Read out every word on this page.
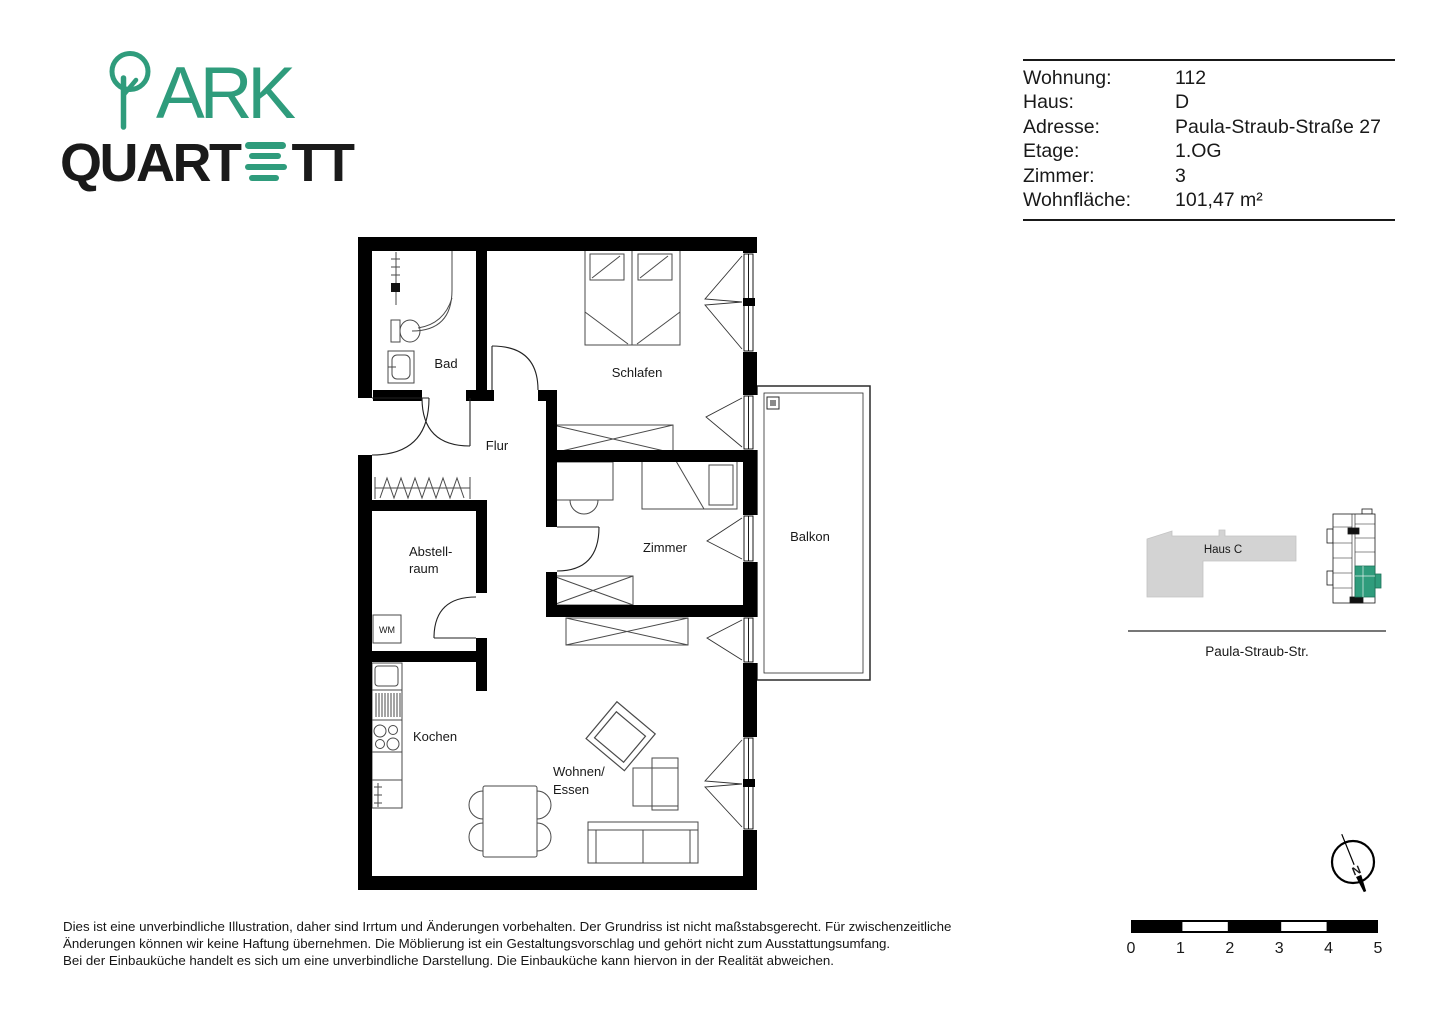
ARK
QUART TT
Wohnung:	112
Haus:	D
Adresse:	Paula-Straub-Straße 27
Etage:	1.OG
Zimmer:	3
Wohnfläche:	101,47 m²
WM
Bad
Schlafen
Flur
Abstell-
raum
Zimmer
Balkon
Kochen
Wohnen/
Essen
Haus C
Paula-Straub-Str.
N
0	1	2	3	4	5
Dies ist eine unverbindliche Illustration, daher sind Irrtum und Änderungen vorbehalten. Der Grundriss ist nicht maßstabsgerecht. Für zwischenzeitliche
Änderungen können wir keine Haftung übernehmen. Die Möblierung ist ein Gestaltungsvorschlag und gehört nicht zum Ausstattungsumfang.
Bei der Einbauküche handelt es sich um eine unverbindliche Darstellung. Die Einbauküche kann hiervon in der Realität abweichen.
